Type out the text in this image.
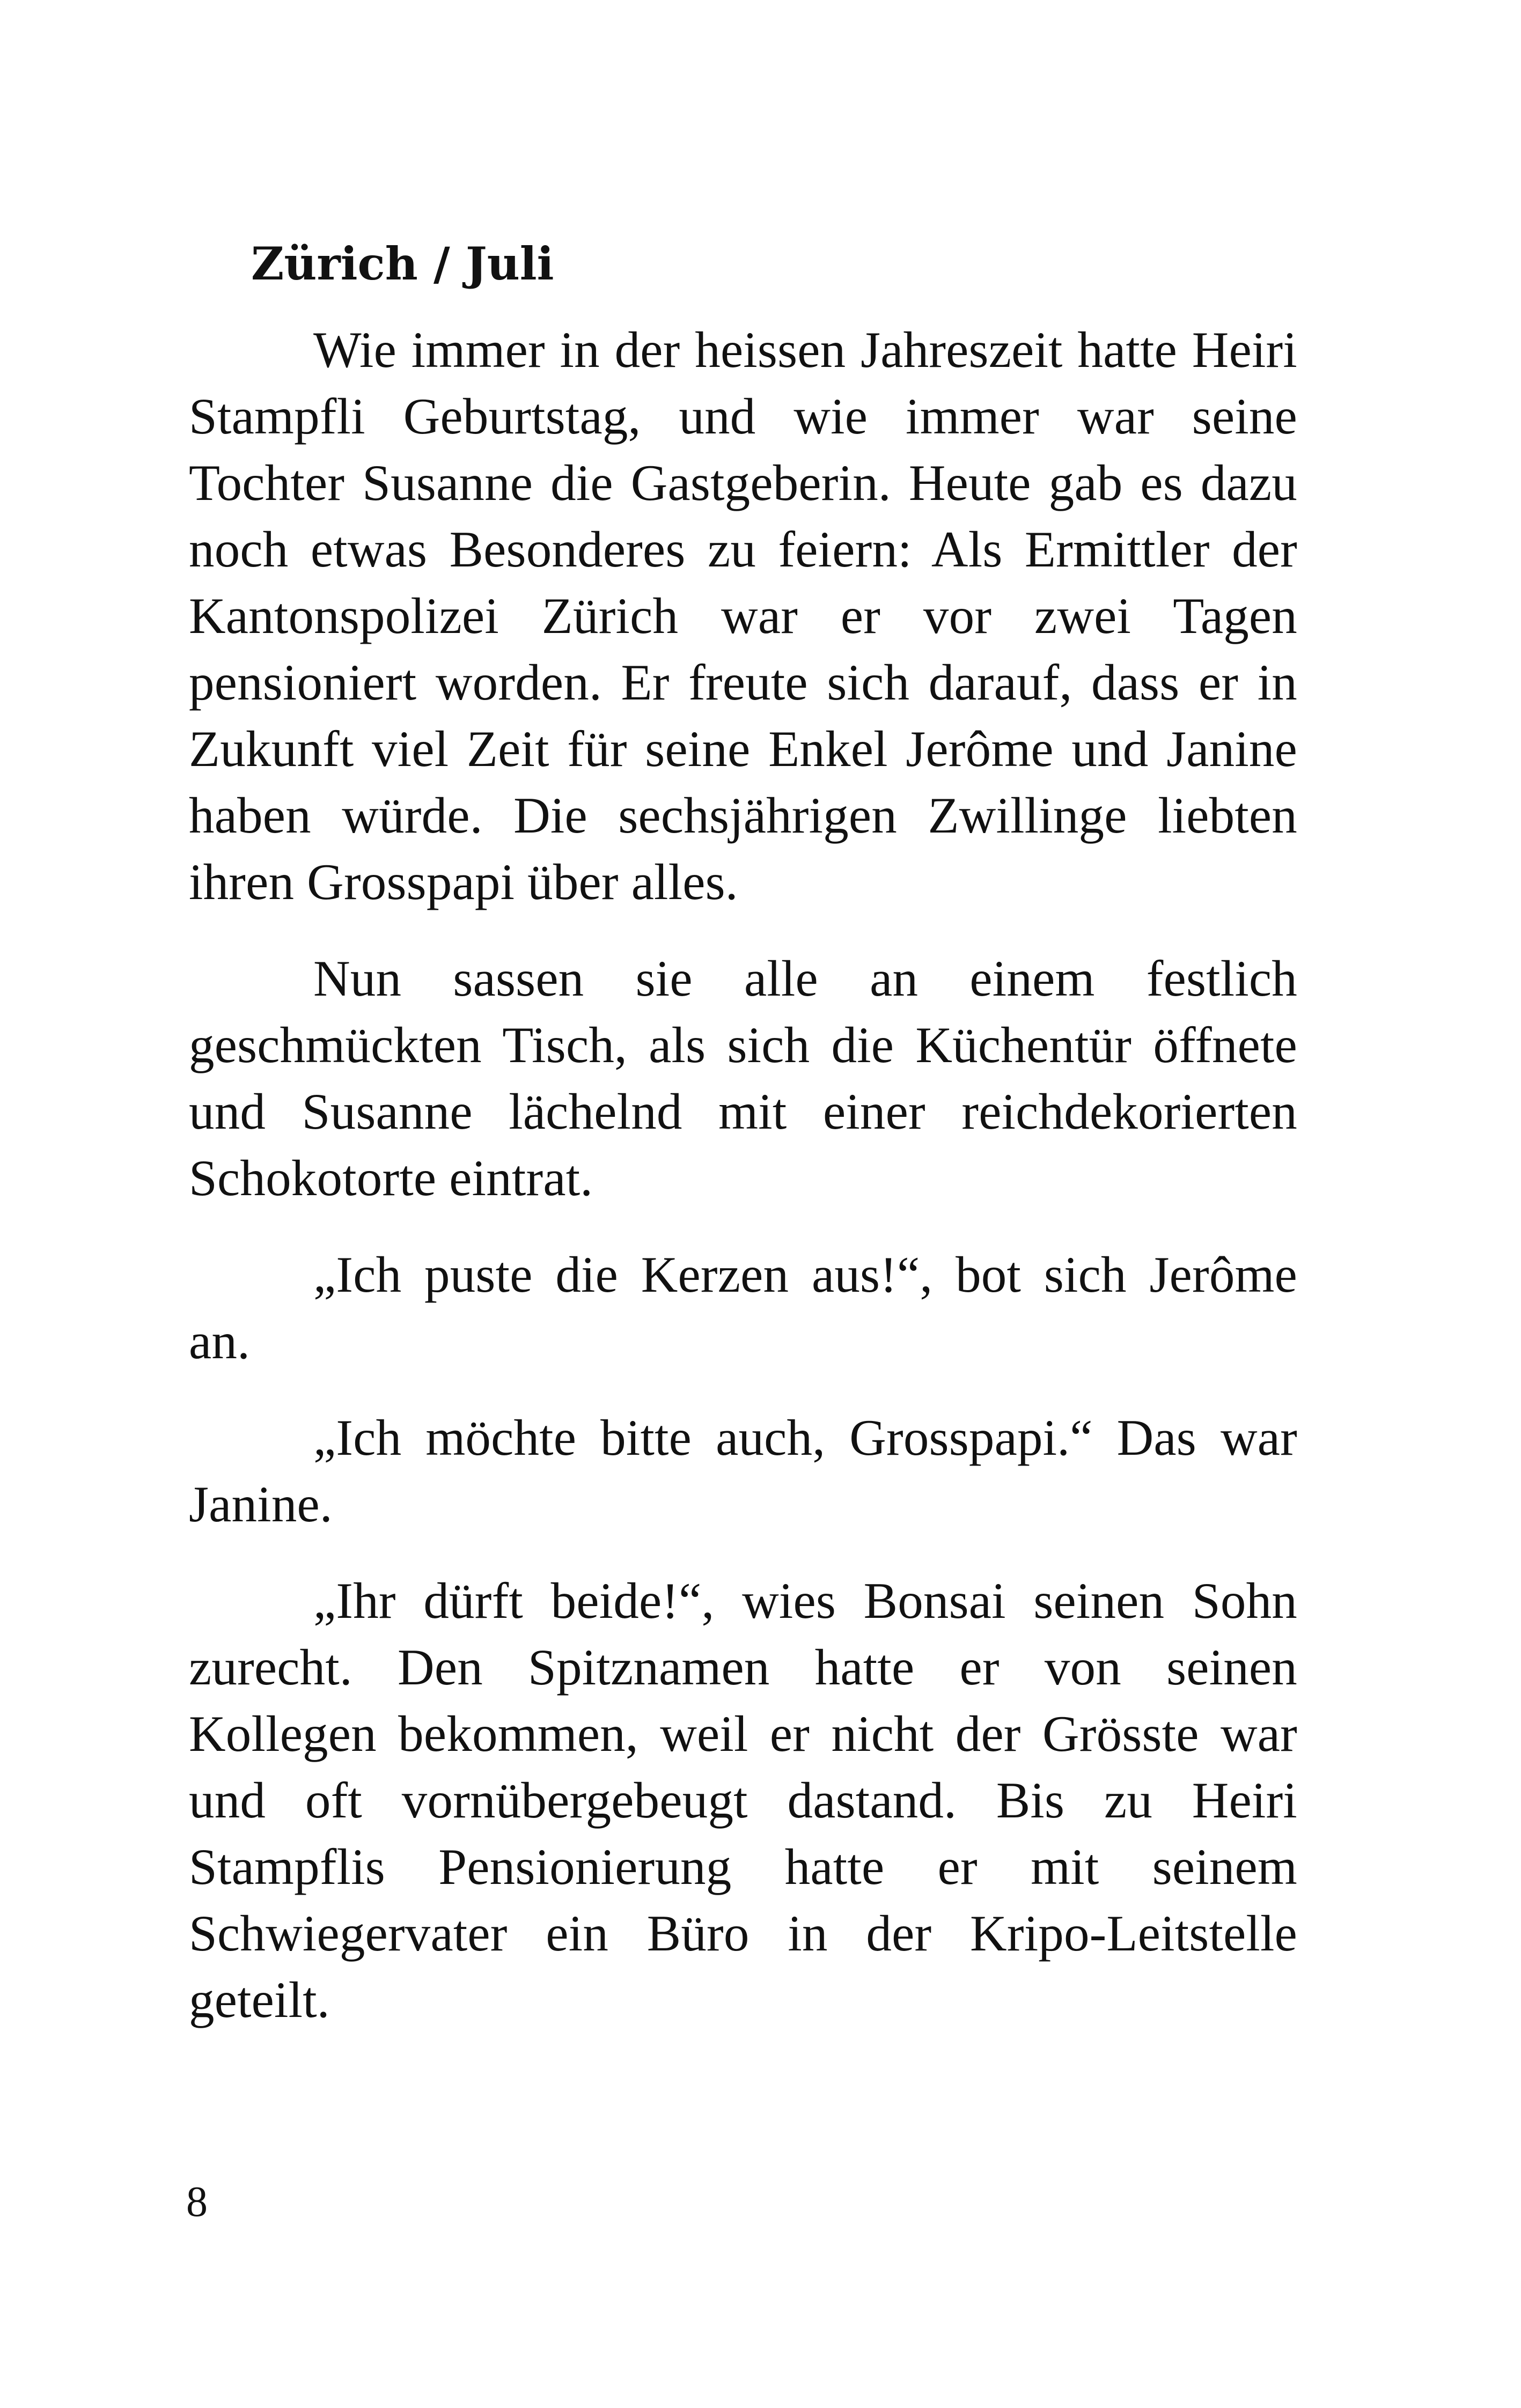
Zürich / Juli

Wie immer in der heissen Jahreszeit hatte Heiri Stampfli Geburtstag, und wie immer war seine Tochter Susanne die Gastgeberin. Heute gab es dazu noch etwas Besonderes zu feiern: Als Ermittler der Kantonspolizei Zürich war er vor zwei Tagen pensioniert worden. Er freute sich darauf, dass er in Zukunft viel Zeit für seine Enkel Jerôme und Janine haben würde. Die sechsjährigen Zwillinge liebten ihren Grosspapi über alles.

Nun sassen sie alle an einem festlich geschmückten Tisch, als sich die Küchentür öffnete und Susanne lächelnd mit einer reichdekorierten Schokotorte eintrat.

„Ich puste die Kerzen aus!“, bot sich Jerôme an.

„Ich möchte bitte auch, Grosspapi.“ Das war Janine.

„Ihr dürft beide!“, wies Bonsai seinen Sohn zurecht. Den Spitznamen hatte er von seinen Kollegen bekommen, weil er nicht der Grösste war und oft vornübergebeugt dastand. Bis zu Heiri Stampflis Pensionierung hatte er mit seinem Schwiegervater ein Büro in der Kripo-Leitstelle geteilt.

8
